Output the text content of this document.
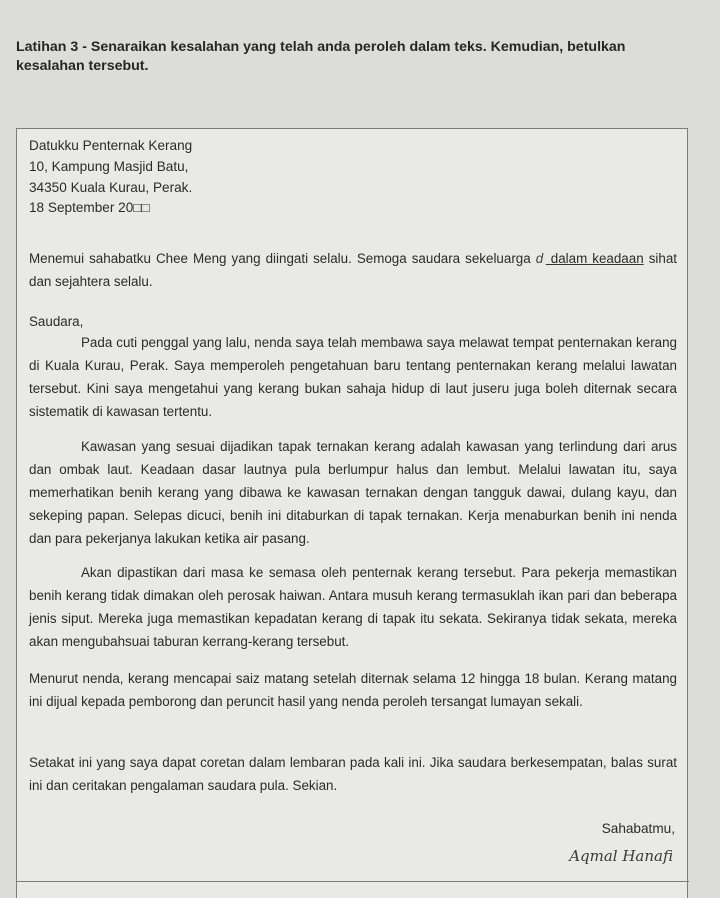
Latihan 3 - Senaraikan kesalahan yang telah anda peroleh dalam teks. Kemudian, betulkan
kesalahan tersebut.
Datukku Penternak Kerang
10, Kampung Masjid Batu,
34350 Kuala Kurau, Perak.
18 September 20□□
Menemui sahabatku Chee Meng yang diingati selalu. Semoga saudara sekeluarga d dalam keadaan sihat dan sejahtera selalu.
Saudara,
Pada cuti penggal yang lalu, nenda saya telah membawa saya melawat tempat penternakan kerang di Kuala Kurau, Perak. Saya memperoleh pengetahuan baru tentang penternakan kerang melalui lawatan tersebut. Kini saya mengetahui yang kerang bukan sahaja hidup di laut juseru juga boleh diternak secara sistematik di kawasan tertentu.
Kawasan yang sesuai dijadikan tapak ternakan kerang adalah kawasan yang terlindung dari arus dan ombak laut. Keadaan dasar lautnya pula berlumpur halus dan lembut. Melalui lawatan itu, saya memerhatikan benih kerang yang dibawa ke kawasan ternakan dengan tangguk dawai, dulang kayu, dan sekeping papan. Selepas dicuci, benih ini ditaburkan di tapak ternakan. Kerja menaburkan benih ini nenda dan para pekerjanya lakukan ketika air pasang.
Akan dipastikan dari masa ke semasa oleh penternak kerang tersebut. Para pekerja memastikan benih kerang tidak dimakan oleh perosak haiwan. Antara musuh kerang termasuklah ikan pari dan beberapa jenis siput. Mereka juga memastikan kepadatan kerang di tapak itu sekata. Sekiranya tidak sekata, mereka akan mengubahsuai taburan kerrang-kerang tersebut.
Menurut nenda, kerang mencapai saiz matang setelah diternak selama 12 hingga 18 bulan. Kerang matang ini dijual kepada pemborong dan peruncit hasil yang nenda peroleh tersangat lumayan sekali.
Setakat ini yang saya dapat coretan dalam lembaran pada kali ini. Jika saudara berkesempatan, balas surat ini dan ceritakan pengalaman saudara pula. Sekian.
Sahabatmu,
Aqmal Hanafi
